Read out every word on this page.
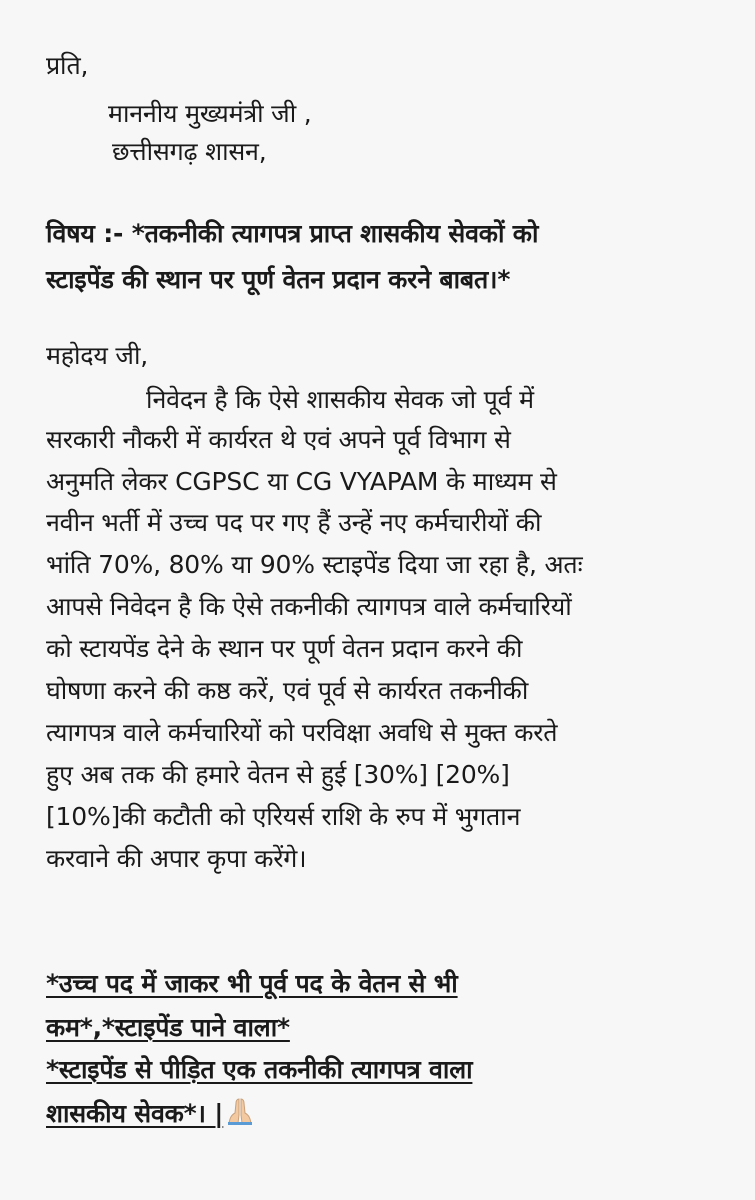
प्रति,
माननीय मुख्यमंत्री जी ,
छत्तीसगढ़ शासन,
विषय :- *तकनीकी त्यागपत्र प्राप्त शासकीय सेवकों को
स्टाइपेंड की स्थान पर पूर्ण वेतन प्रदान करने बाबत।*
महोदय जी,
निवेदन है कि ऐसे शासकीय सेवक जो पूर्व में
सरकारी नौकरी में कार्यरत थे एवं अपने पूर्व विभाग से
अनुमति लेकर CGPSC या CG VYAPAM के माध्यम से
नवीन भर्ती में उच्च पद पर गए हैं उन्हें नए कर्मचारीयों की
भांति 70%, 80% या 90% स्टाइपेंड दिया जा रहा है, अतः
आपसे निवेदन है कि ऐसे तकनीकी त्यागपत्र वाले कर्मचारियों
को स्टायपेंड देने के स्थान पर पूर्ण वेतन प्रदान करने की
घोषणा करने की कष्ठ करें, एवं पूर्व से कार्यरत तकनीकी
त्यागपत्र वाले कर्मचारियों को परविक्षा अवधि से मुक्त करते
हुए अब तक की हमारे वेतन से हुई [30%] [20%]
[10%]की कटौती को एरियर्स राशि के रुप में भुगतान
करवाने की अपार कृपा करेंगे।
*उच्च पद में जाकर भी पूर्व पद के वेतन से भी
कम*,*स्टाइपेंड पाने वाला*
*स्टाइपेंड से पीड़ित एक तकनीकी त्यागपत्र वाला
शासकीय सेवक*। |
